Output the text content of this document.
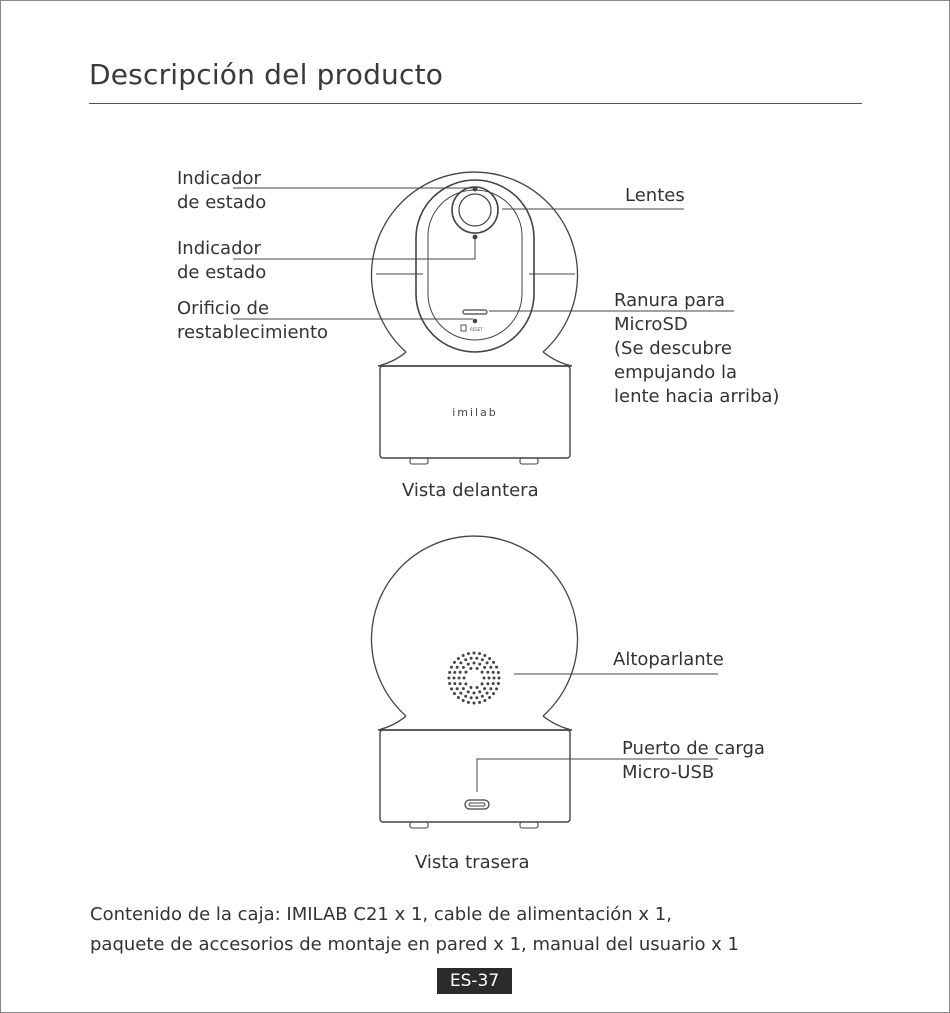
Descripción del producto
imilab
RESET
Indicador
de estado
Indicador
de estado
Orificio de
restablecimiento
Lentes
Ranura para
MicroSD
(Se descubre
empujando la
lente hacia arriba)
Vista delantera
Altoparlante
Puerto de carga
Micro-USB
Vista trasera
Contenido de la caja: IMILAB C21 x 1, cable de alimentación x 1,
paquete de accesorios de montaje en pared x 1, manual del usuario x 1
ES-37
